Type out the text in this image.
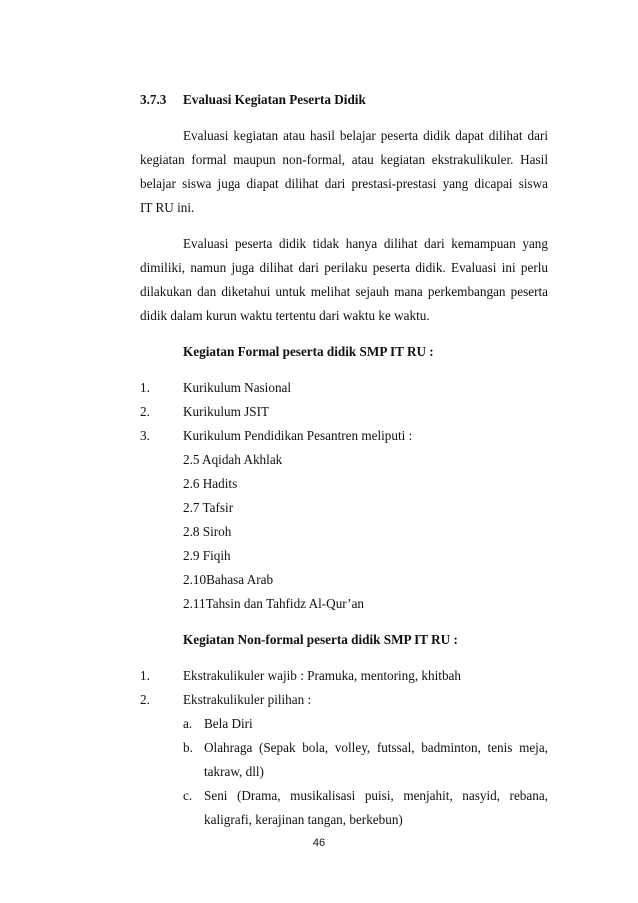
3.7.3 Evaluasi Kegiatan Peserta Didik
Evaluasi kegiatan atau hasil belajar peserta didik dapat dilihat dari
kegiatan formal maupun non-formal, atau kegiatan ekstrakulikuler. Hasil
belajar siswa juga diapat dilihat dari prestasi-prestasi yang dicapai siswa
IT RU ini.
Evaluasi peserta didik tidak hanya dilihat dari kemampuan yang
dimiliki, namun juga dilihat dari perilaku peserta didik. Evaluasi ini perlu
dilakukan dan diketahui untuk melihat sejauh mana perkembangan peserta
didik dalam kurun waktu tertentu dari waktu ke waktu.
Kegiatan Formal peserta didik SMP IT RU :
1.	Kurikulum Nasional
2.	Kurikulum JSIT
3.	Kurikulum Pendidikan Pesantren meliputi :
2.5 Aqidah Akhlak
2.6 Hadits
2.7 Tafsir
2.8 Siroh
2.9 Fiqih
2.10Bahasa Arab
2.11Tahsin dan Tahfidz Al-Qur’an
Kegiatan Non-formal peserta didik SMP IT RU :
1.	Ekstrakulikuler wajib : Pramuka, mentoring, khitbah
2.	Ekstrakulikuler pilihan :
a. Bela Diri
b. Olahraga (Sepak bola, volley, futssal, badminton, tenis meja,
takraw, dll)
c. Seni (Drama, musikalisasi puisi, menjahit, nasyid, rebana,
kaligrafi, kerajinan tangan, berkebun)
46
